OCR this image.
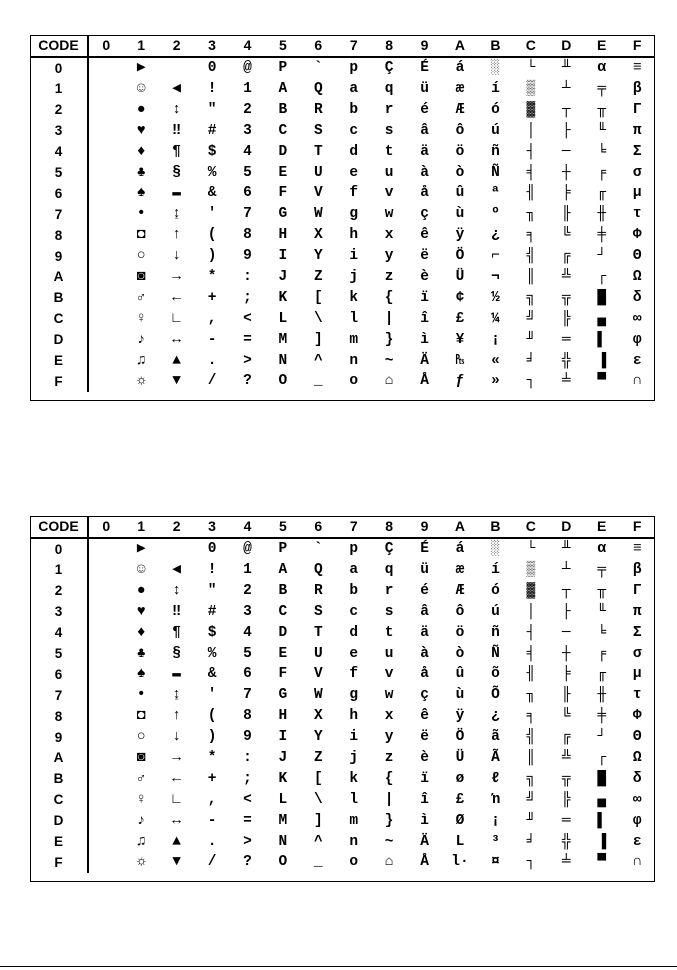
CODE	0	1	2	3	4	5	6	7	8	9	A	B	C	D	E	F
0		▶		0	@	P	`	p	Ç	É	á	░	└	╨	α	≡
1		☺	◀	!	1	A	Q	a	q	ü	æ	í	▒	┴	╤	β
2		●	↕	"	2	B	R	b	r	é	Æ	ó	▓	┬	╥	Γ
3		♥	‼	#	3	C	S	c	s	â	ô	ú	│	├	╙	π
4		♦	¶	$	4	D	T	d	t	ä	ö	ñ	┤	─	╘	Σ
5		♣	§	%	5	E	U	e	u	à	ò	Ñ	╡	┼	╒	σ
6		♠	▬	&	6	F	V	f	v	å	û	ª	╢	╞	╓	µ
7		•	↨	'	7	G	W	g	w	ç	ù	º	╖	╟	╫	τ
8		◘	↑	(	8	H	X	h	x	ê	ÿ	¿	╕	╚	╪	Φ
9		○	↓	)	9	I	Y	i	y	ë	Ö	⌐	╣	╔	┘	Θ
A		◙	→	*	:	J	Z	j	z	è	Ü	¬	║	╩	┌	Ω
B		♂	←	+	;	K	[	k	{	ï	¢	½	╗	╦	█	δ
C		♀	∟	,	<	L	\	l	|	î	£	¼	╝	╠	▄	∞
D		♪	↔	-	=	M	]	m	}	ì	¥	¡	╜	═	▌	φ
E		♫	▲	.	>	N	^	n	~	Ä	₧	«	╛	╬	▐	ε
F		☼	▼	/	?	O	_	o	⌂	Å	ƒ	»	┐	╧	▀	∩
CODE	0	1	2	3	4	5	6	7	8	9	A	B	C	D	E	F
0		▶		0	@	P	`	p	Ç	É	á	░	└	╨	α	≡
1		☺	◀	!	1	A	Q	a	q	ü	æ	í	▒	┴	╤	β
2		●	↕	"	2	B	R	b	r	é	Æ	ó	▓	┬	╥	Γ
3		♥	‼	#	3	C	S	c	s	â	ô	ú	│	├	╙	π
4		♦	¶	$	4	D	T	d	t	ä	ö	ñ	┤	─	╘	Σ
5		♣	§	%	5	E	U	e	u	à	ò	Ñ	╡	┼	╒	σ
6		♠	▬	&	6	F	V	f	v	å	û	õ	╢	╞	╓	µ
7		•	↨	'	7	G	W	g	w	ç	ù	Õ	╖	╟	╫	τ
8		◘	↑	(	8	H	X	h	x	ê	ÿ	¿	╕	╚	╪	Φ
9		○	↓	)	9	I	Y	i	y	ë	Ö	ã	╣	╔	┘	Θ
A		◙	→	*	:	J	Z	j	z	è	Ü	Ã	║	╩	┌	Ω
B		♂	←	+	;	K	[	k	{	ï	ø	ℓ	╗	╦	█	δ
C		♀	∟	,	<	L	\	l	|	î	£	ŉ	╝	╠	▄	∞
D		♪	↔	-	=	M	]	m	}	ì	Ø	¡	╜	═	▌	φ
E		♫	▲	.	>	N	^	n	~	Ä	L	³	╛	╬	▐	ε
F		☼	▼	/	?	O	_	o	⌂	Å	l·	¤	┐	╧	▀	∩
